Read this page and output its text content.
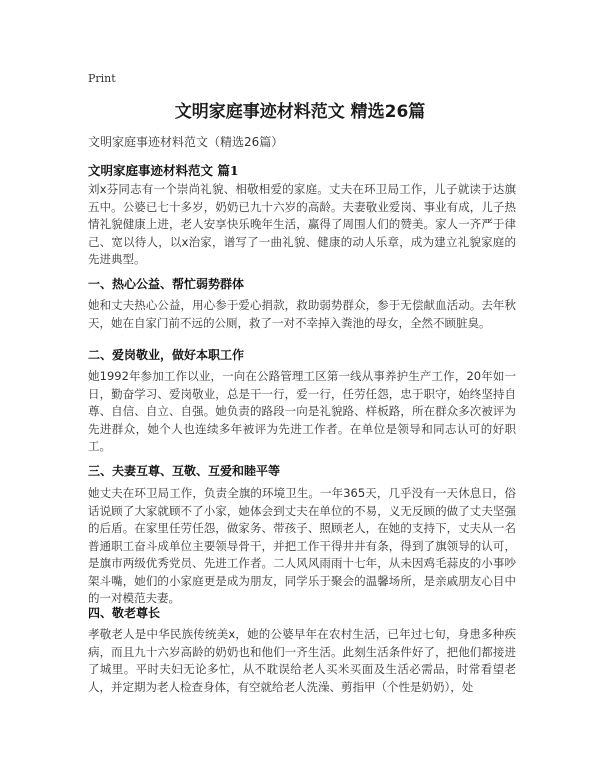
Print
文明家庭事迹材料范文 精选26篇
文明家庭事迹材料范文（精选26篇）
文明家庭事迹材料范文 篇1

刘x芬同志有一个崇尚礼貌、相敬相爱的家庭。丈夫在环卫局工作，儿子就读于达旗五中。公婆已七十多岁，奶奶已九十六岁的高龄。夫妻敬业爱岗、事业有成，儿子热情礼貌健康上进，老人安享快乐晚年生活，赢得了周围人们的赞美。家人一齐严于律己、宽以待人，以x治家，谱写了一曲礼貌、健康的动人乐章，成为建立礼貌家庭的先进典型。

一、热心公益、帮忙弱势群体

她和丈夫热心公益，用心参于爱心捐款，救助弱势群众，参于无偿献血活动。去年秋天，她在自家门前不远的公厕，救了一对不幸掉入粪池的母女，全然不顾脏臭。

二、爱岗敬业，做好本职工作

她1992年参加工作以业，一向在公路管理工区第一线从事养护生产工作，20年如一日，勤奋学习、爱岗敬业，总是干一行，爱一行，任劳任怨，忠于职守，始终坚持自尊、自信、自立、自强。她负责的路段一向是礼貌路、样板路，所在群众多次被评为先进群众，她个人也连续多年被评为先进工作者。在单位是领导和同志认可的好职工。

三、夫妻互尊、互敬、互爱和睦平等

她丈夫在环卫局工作，负责全旗的环境卫生。一年365天，几乎没有一天休息日，俗话说顾了大家就顾不了小家，她体会到丈夫在单位的不易，义无反顾的做了丈夫坚强的后盾。在家里任劳任怨，做家务、带孩子、照顾老人，在她的支持下，丈夫从一名普通职工奋斗成单位主要领导骨干，并把工作干得井井有条，得到了旗领导的认可，是旗市两级优秀党员、先进工作者。二人风风雨雨十七年，从未因鸡毛蒜皮的小事吵架斗嘴，她们的小家庭更是成为朋友，同学乐于聚会的温馨场所，是亲戚朋友心目中的一对模范夫妻。

四、敬老尊长

孝敬老人是中华民族传统美x，她的公婆早年在农村生活，已年过七旬，身患多种疾病，而且九十六岁高龄的奶奶也和他们一齐生活。此刻生活条件好了，把他们都接进了城里。平时夫妇无论多忙，从不耽误给老人买米买面及生活必需品，时常看望老人，并定期为老人检查身体，有空就给老人洗澡、剪指甲（个性是奶奶），处
